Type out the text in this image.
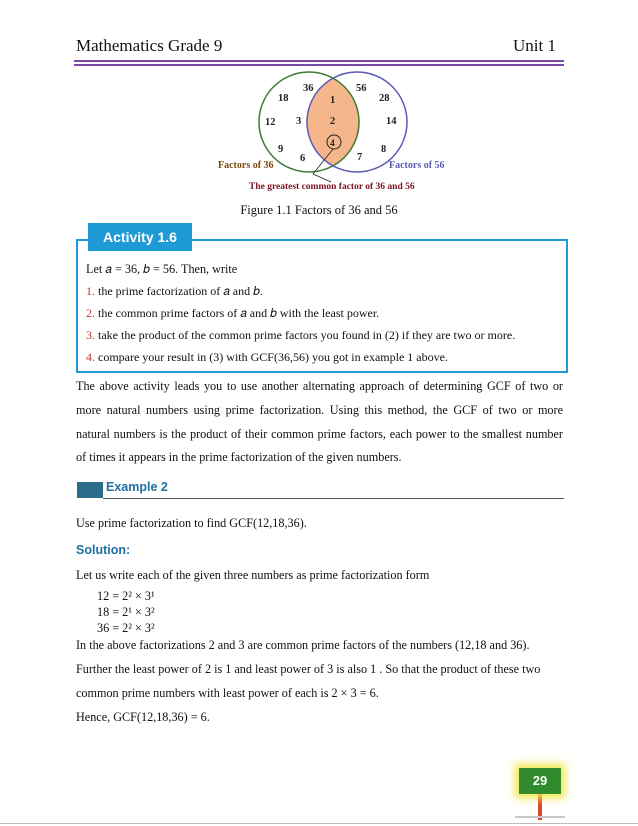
Mathematics Grade 9	Unit 1
36
18
12 3
9
6
56
28
14
8
7
1
2
4
Factors of 36	Factors of 56
The greatest common factor of 36 and 56
Figure 1.1 Factors of 36 and 56
Activity 1.6
Let 𝑎 = 36, 𝑏 = 56. Then, write
1. the prime factorization of 𝑎 and 𝑏.
2. the common prime factors of 𝑎 and 𝑏 with the least power.
3. take the product of the common prime factors you found in (2) if they are two or more.
4. compare your result in (3) with GCF(36,56) you got in example 1 above.
The above activity leads you to use another alternating approach of determining GCF of two or more natural numbers using prime factorization. Using this method, the GCF of two or more natural numbers is the product of their common prime factors, each power to the smallest number of times it appears in the prime factorization of the given numbers.
Example 2
Use prime factorization to find GCF(12,18,36).
Solution:
Let us write each of the given three numbers as prime factorization form
12 = 2² × 3¹
18 = 2¹ × 3²
36 = 2² × 3²
In the above factorizations 2 and 3 are common prime factors of the numbers (12,18 and 36).
Further the least power of 2 is 1 and least power of 3 is also 1 . So that the product of these two
common prime numbers with least power of each is 2 × 3 = 6.
Hence, GCF(12,18,36) = 6.
29
